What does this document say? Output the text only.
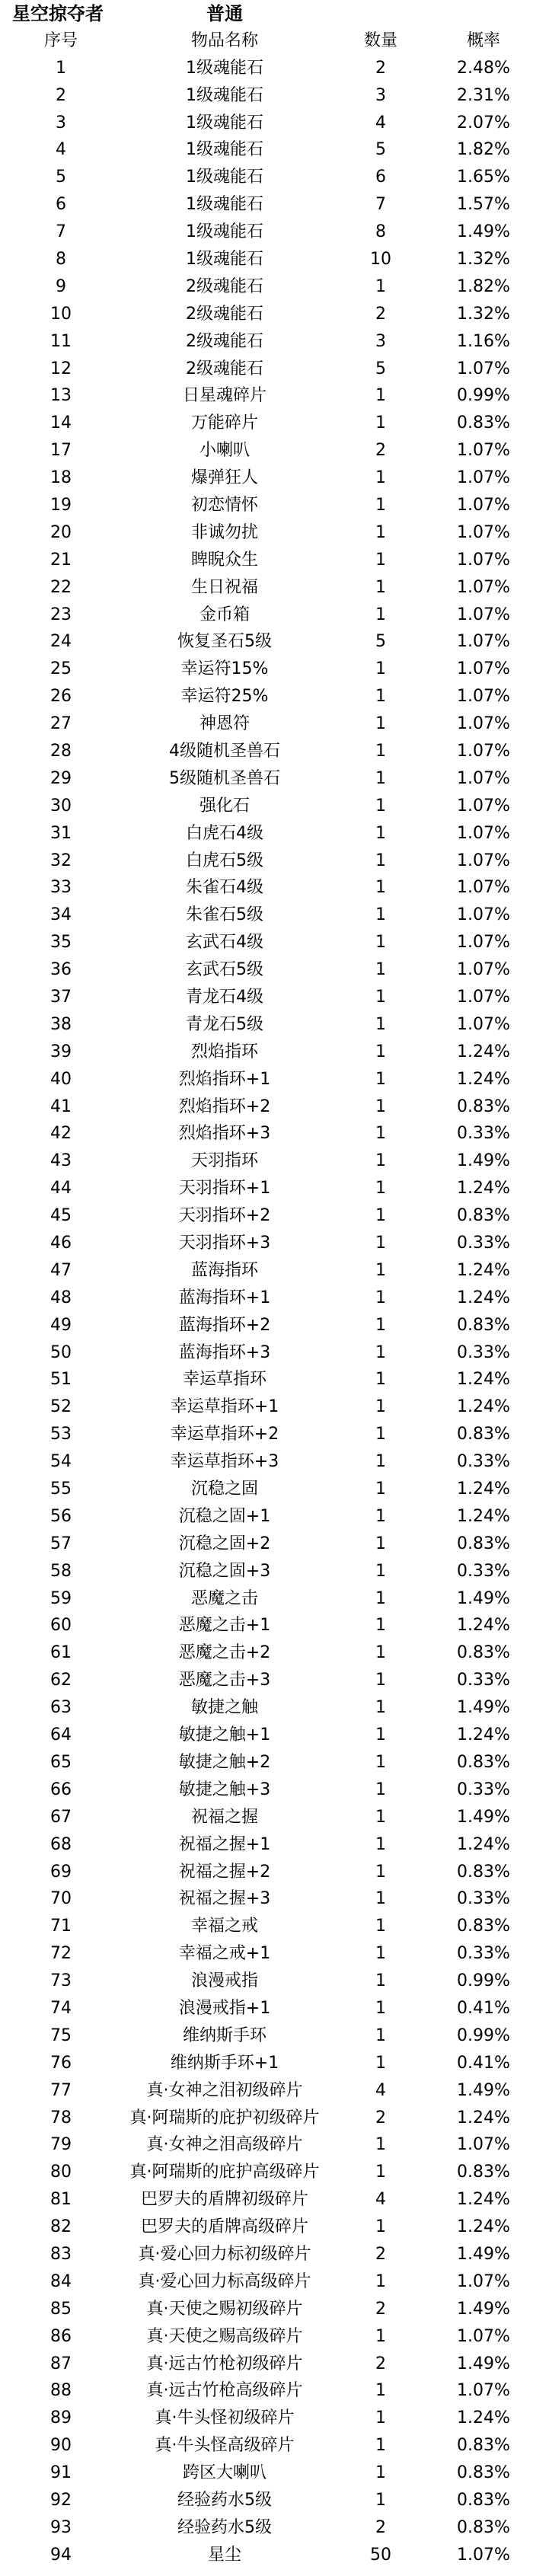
星空掠夺者	普通
序号	物品名称	数量	概率
1	1级魂能石	2	2.48%
2	1级魂能石	3	2.31%
3	1级魂能石	4	2.07%
4	1级魂能石	5	1.82%
5	1级魂能石	6	1.65%
6	1级魂能石	7	1.57%
7	1级魂能石	8	1.49%
8	1级魂能石	10	1.32%
9	2级魂能石	1	1.82%
10	2级魂能石	2	1.32%
11	2级魂能石	3	1.16%
12	2级魂能石	5	1.07%
13	日星魂碎片	1	0.99%
14	万能碎片	1	0.83%
17	小喇叭	2	1.07%
18	爆弹狂人	1	1.07%
19	初恋情怀	1	1.07%
20	非诚勿扰	1	1.07%
21	睥睨众生	1	1.07%
22	生日祝福	1	1.07%
23	金币箱	1	1.07%
24	恢复圣石5级	5	1.07%
25	幸运符15%	1	1.07%
26	幸运符25%	1	1.07%
27	神恩符	1	1.07%
28	4级随机圣兽石	1	1.07%
29	5级随机圣兽石	1	1.07%
30	强化石	1	1.07%
31	白虎石4级	1	1.07%
32	白虎石5级	1	1.07%
33	朱雀石4级	1	1.07%
34	朱雀石5级	1	1.07%
35	玄武石4级	1	1.07%
36	玄武石5级	1	1.07%
37	青龙石4级	1	1.07%
38	青龙石5级	1	1.07%
39	烈焰指环	1	1.24%
40	烈焰指环+1	1	1.24%
41	烈焰指环+2	1	0.83%
42	烈焰指环+3	1	0.33%
43	天羽指环	1	1.49%
44	天羽指环+1	1	1.24%
45	天羽指环+2	1	0.83%
46	天羽指环+3	1	0.33%
47	蓝海指环	1	1.24%
48	蓝海指环+1	1	1.24%
49	蓝海指环+2	1	0.83%
50	蓝海指环+3	1	0.33%
51	幸运草指环	1	1.24%
52	幸运草指环+1	1	1.24%
53	幸运草指环+2	1	0.83%
54	幸运草指环+3	1	0.33%
55	沉稳之固	1	1.24%
56	沉稳之固+1	1	1.24%
57	沉稳之固+2	1	0.83%
58	沉稳之固+3	1	0.33%
59	恶魔之击	1	1.49%
60	恶魔之击+1	1	1.24%
61	恶魔之击+2	1	0.83%
62	恶魔之击+3	1	0.33%
63	敏捷之触	1	1.49%
64	敏捷之触+1	1	1.24%
65	敏捷之触+2	1	0.83%
66	敏捷之触+3	1	0.33%
67	祝福之握	1	1.49%
68	祝福之握+1	1	1.24%
69	祝福之握+2	1	0.83%
70	祝福之握+3	1	0.33%
71	幸福之戒	1	0.83%
72	幸福之戒+1	1	0.33%
73	浪漫戒指	1	0.99%
74	浪漫戒指+1	1	0.41%
75	维纳斯手环	1	0.99%
76	维纳斯手环+1	1	0.41%
77	真·女神之泪初级碎片	4	1.49%
78	真·阿瑞斯的庇护初级碎片	2	1.24%
79	真·女神之泪高级碎片	1	1.07%
80	真·阿瑞斯的庇护高级碎片	1	0.83%
81	巴罗夫的盾牌初级碎片	4	1.24%
82	巴罗夫的盾牌高级碎片	1	1.24%
83	真·爱心回力标初级碎片	2	1.49%
84	真·爱心回力标高级碎片	1	1.07%
85	真·天使之赐初级碎片	2	1.49%
86	真·天使之赐高级碎片	1	1.07%
87	真·远古竹枪初级碎片	2	1.49%
88	真·远古竹枪高级碎片	1	1.07%
89	真·牛头怪初级碎片	1	1.24%
90	真·牛头怪高级碎片	1	0.83%
91	跨区大喇叭	1	0.83%
92	经验药水5级	1	0.83%
93	经验药水5级	2	0.83%
94	星尘	50	1.07%
